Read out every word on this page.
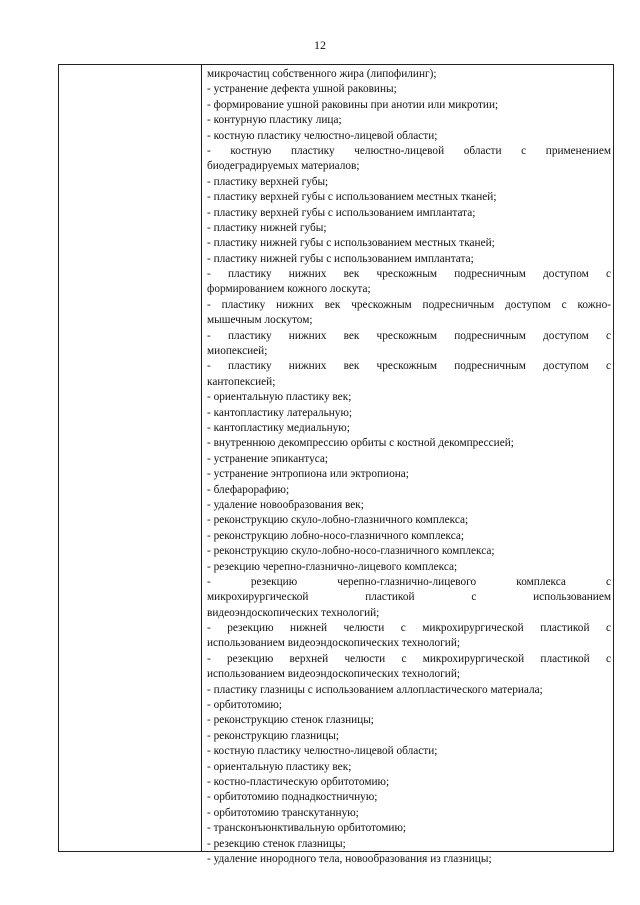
12
микрочастиц собственного жира (липофилинг);
- устранение дефекта ушной раковины;
- формирование ушной раковины при анотии или микротии;
- контурную пластику лица;
- костную пластику челюстно-лицевой области;
- костную пластику челюстно-лицевой области с применением
биодеградируемых материалов;
- пластику верхней губы;
- пластику верхней губы с использованием местных тканей;
- пластику верхней губы с использованием имплантата;
- пластику нижней губы;
- пластику нижней губы с использованием местных тканей;
- пластику нижней губы с использованием имплантата;
- пластику нижних век чрескожным подресничным доступом с
формированием кожного лоскута;
- пластику нижних век чрескожным подресничным доступом с кожно-
мышечным лоскутом;
- пластику нижних век чрескожным подресничным доступом с
миопексией;
- пластику нижних век чрескожным подресничным доступом с
кантопексией;
- ориентальную пластику век;
- кантопластику латеральную;
- кантопластику медиальную;
- внутреннюю декомпрессию орбиты с костной декомпрессией;
- устранение эпикантуса;
- устранение энтропиона или эктропиона;
- блефарорафию;
- удаление новообразования век;
- реконструкцию скуло-лобно-глазничного комплекса;
- реконструкцию лобно-носо-глазничного комплекса;
- реконструкцию скуло-лобно-носо-глазничного комплекса;
- резекцию черепно-глазнично-лицевого комплекса;
- резекцию черепно-глазнично-лицевого комплекса с
микрохирургической пластикой с использованием
видеоэндоскопических технологий;
- резекцию нижней челюсти с микрохирургической пластикой с
использованием видеоэндоскопических технологий;
- резекцию верхней челюсти с микрохирургической пластикой с
использованием видеоэндоскопических технологий;
- пластику глазницы с использованием аллопластического материала;
- орбитотомию;
- реконструкцию стенок глазницы;
- реконструкцию глазницы;
- костную пластику челюстно-лицевой области;
- ориентальную пластику век;
- костно-пластическую орбитотомию;
- орбитотомию поднадкостничную;
- орбитотомию транскутанную;
- трансконъюнктивальную орбитотомию;
- резекцию стенок глазницы;
- удаление инородного тела, новообразования из глазницы;
